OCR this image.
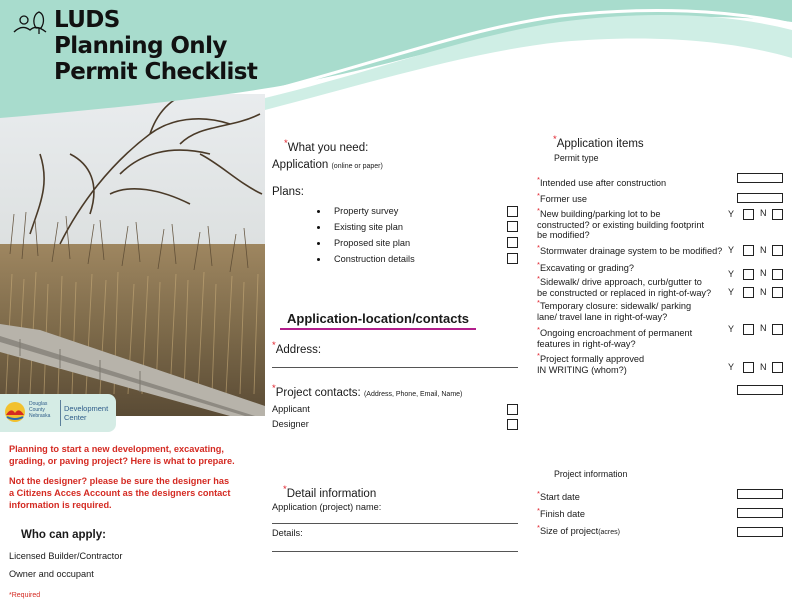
LUDS
Planning Only
Permit Checklist
Douglas
County
Nebraska
Development
Center
Planning to start a new development, excavating,
grading, or paving project? Here is what to prepare.
Not the designer? please be sure the designer has
a Citizens Acces Account as the designers contact
information is required.
Who can apply:
Licensed Builder/Contractor
Owner and occupant
*Required
*What you need:
Application (online or paper)
Plans:
Property survey
Existing site plan
Proposed site plan
Construction details
Application-location/contacts
*Address:
*Project contacts: (Address, Phone, Email, Name)
Applicant
Designer
*Detail information
Application (project) name:
Details:
*Application items
Permit type
*Intended use after construction
*Former use
*New building/parking lot to be
constructed? or existing building footprint
be modified?
Y	N
*Stormwater drainage system to be modified? Y	N
*Excavating or grading?
Y	N
*Sidewalk/ drive approach, curb/gutter to
be constructed or replaced in right-of-way?	Y	N
*Temporary closure: sidewalk/ parking
lane/ travel lane in right-of-way?
*Ongoing encroachment of permanent
features in right-of-way?
Y	N
*Project formally approved
IN WRITING (whom?)	Y	N
Project information
*Start date
*Finish date
*Size of project(acres)
